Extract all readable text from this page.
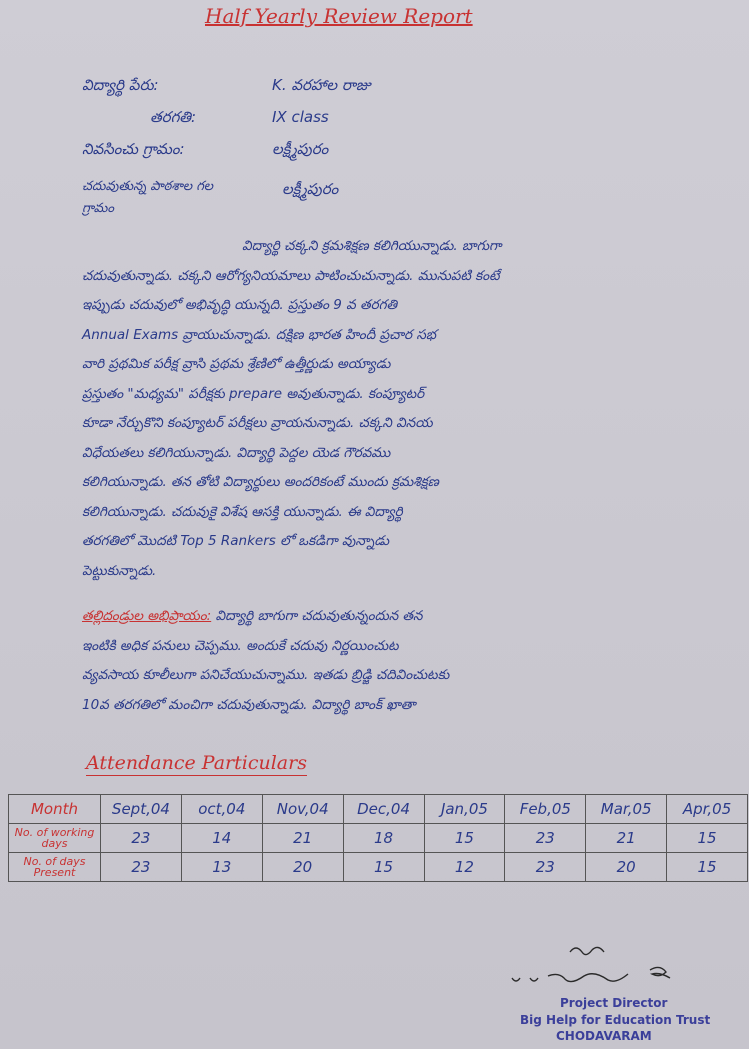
Half Yearly Review Report
విద్యార్థి పేరు:	K. వరహాల రాజు
తరగతి:	IX class
నివసించు గ్రామం:	లక్ష్మీపురం
చదువుతున్న పాఠశాల గల గ్రామం
లక్ష్మీపురం
విద్యార్థి చక్కని క్రమశిక్షణ కలిగియున్నాడు. బాగుగా
చదువుతున్నాడు. చక్కని ఆరోగ్యనియమాలు పాటించుచున్నాడు. మునుపటి కంటే
ఇప్పుడు చదువులో అభివృద్ధి యున్నది. ప్రస్తుతం 9 వ తరగతి
Annual Exams వ్రాయుచున్నాడు. దక్షిణ భారత హిందీ ప్రచార సభ
వారి ప్రథమిక పరీక్ష వ్రాసి ప్రథమ శ్రేణిలో ఉత్తీర్ణుడు అయ్యాడు
ప్రస్తుతం "మధ్యమ" పరీక్షకు prepare అవుతున్నాడు. కంప్యూటర్
కూడా నేర్చుకొని కంప్యూటర్ పరీక్షలు వ్రాయనున్నాడు. చక్కని వినయ
విధేయతలు కలిగియున్నాడు. విద్యార్థి పెద్దల యెడ గౌరవము
కలిగియున్నాడు. తన తోటి విద్యార్థులు అందరికంటే ముందు క్రమశిక్షణ
కలిగియున్నాడు. చదువుకై విశేష ఆసక్తి యున్నాడు. ఈ విద్యార్థి
తరగతిలో మొదటి Top 5 Rankers లో ఒకడిగా వున్నాడు
పెట్టుకున్నాడు.
తల్లిదండ్రుల అభిప్రాయం: విద్యార్థి బాగుగా చదువుతున్నందున తన
ఇంటికి అధిక పనులు చెప్పము. అందుకే చదువు నిర్ణయించుట
వ్యవసాయ కూలీలుగా పనిచేయుచున్నాము. ఇతడు బ్రిడ్జి చదివించుటకు
10వ తరగతిలో మంచిగా చదువుతున్నాడు. విద్యార్థి బాంక్ ఖాతా
Attendance Particulars
Month	Sept,04	oct,04	Nov,04	Dec,04	Jan,05	Feb,05	Mar,05	Apr,05
No. of working days	23	14	21	18	15	23	21	15
No. of days Present	23	13	20	15	12	23	20	15
Project Director
Big Help for Education Trust
CHODAVARAM
